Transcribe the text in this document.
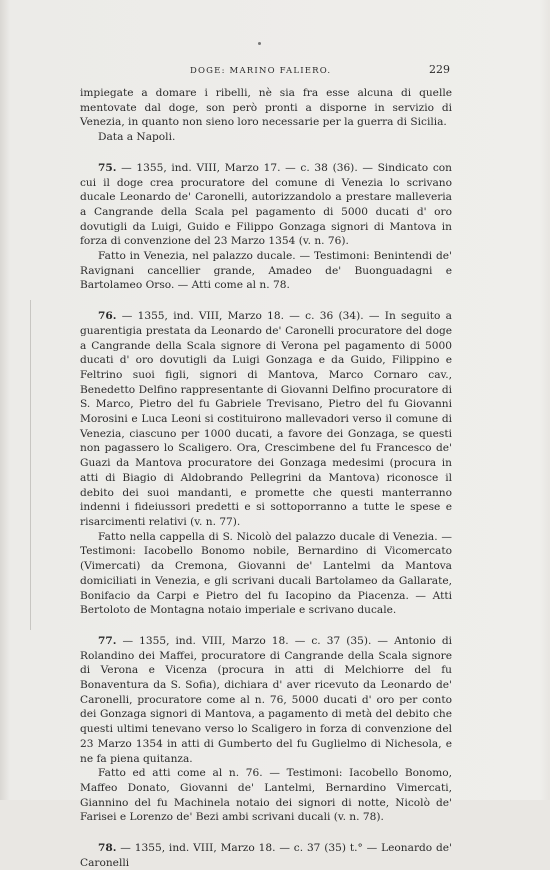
DOGE: MARINO FALIERO.	229

impiegate a domare i ribelli, nè sia fra esse alcuna di quelle mentovate dal doge, son però pronti a disporne in servizio di Venezia, in quanto non sieno loro necessarie per la guerra di Sicilia.

Data a Napoli.

75. — 1355, ind. VIII, Marzo 17. — c. 38 (36). — Sindicato con cui il doge crea procuratore del comune di Venezia lo scrivano ducale Leonardo de' Caronelli, autorizzandolo a prestare malleveria a Cangrande della Scala pel pagamento di 5000 ducati d' oro dovutigli da Luigi, Guido e Filippo Gonzaga signori di Mantova in forza di convenzione del 23 Marzo 1354 (v. n. 76).

Fatto in Venezia, nel palazzo ducale. — Testimoni: Benintendi de' Ravignani cancellier grande, Amadeo de' Buonguadagni e Bartolameo Orso. — Atti come al n. 78.

76. — 1355, ind. VIII, Marzo 18. — c. 36 (34). — In seguito a guarentigia prestata da Leonardo de' Caronelli procuratore del doge a Cangrande della Scala signore di Verona pel pagamento di 5000 ducati d' oro dovutigli da Luigi Gonzaga e da Guido, Filippino e Feltrino suoi figli, signori di Mantova, Marco Cornaro cav., Benedetto Delfino rappresentante di Giovanni Delfino procuratore di S. Marco, Pietro del fu Gabriele Trevisano, Pietro del fu Giovanni Morosini e Luca Leoni si costituirono mallevadori verso il comune di Venezia, ciascuno per 1000 ducati, a favore dei Gonzaga, se questi non pagassero lo Scaligero. Ora, Crescimbene del fu Francesco de' Guazi da Mantova procuratore dei Gonzaga medesimi (procura in atti di Biagio di Aldobrando Pellegrini da Mantova) riconosce il debito dei suoi mandanti, e promette che questi manterranno indenni i fideiussori predetti e si sottoporranno a tutte le spese e risarcimenti relativi (v. n. 77).

Fatto nella cappella di S. Nicolò del palazzo ducale di Venezia. — Testimoni: Iacobello Bonomo nobile, Bernardino di Vicomercato (Vimercati) da Cremona, Giovanni de' Lantelmi da Mantova domiciliati in Venezia, e gli scrivani ducali Bartolameo da Gallarate, Bonifacio da Carpi e Pietro del fu Iacopino da Piacenza. — Atti Bertoloto de Montagna notaio imperiale e scrivano ducale.

77. — 1355, ind. VIII, Marzo 18. — c. 37 (35). — Antonio di Rolandino dei Maffei, procuratore di Cangrande della Scala signore di Verona e Vicenza (procura in atti di Melchiorre del fu Bonaventura da S. Sofia), dichiara d' aver ricevuto da Leonardo de' Caronelli, procuratore come al n. 76, 5000 ducati d' oro per conto dei Gonzaga signori di Mantova, a pagamento di metà del debito che questi ultimi tenevano verso lo Scaligero in forza di convenzione del 23 Marzo 1354 in atti di Gumberto del fu Guglielmo di Nichesola, e ne fa piena quitanza.

Fatto ed atti come al n. 76. — Testimoni: Iacobello Bonomo, Maffeo Donato, Giovanni de' Lantelmi, Bernardino Vimercati, Giannino del fu Machinela notaio dei signori di notte, Nicolò de' Farisei e Lorenzo de' Bezi ambi scrivani ducali (v. n. 78).

78. — 1355, ind. VIII, Marzo 18. — c. 37 (35) t.° — Leonardo de' Caronelli
